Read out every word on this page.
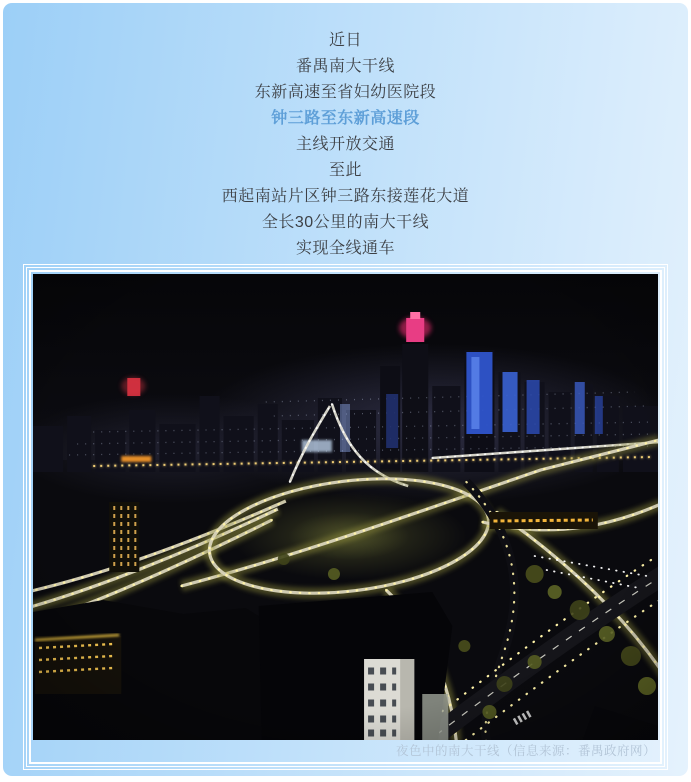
近日

番禺南大干线

东新高速至省妇幼医院段

钟三路至东新高速段

主线开放交通

至此

西起南站片区钟三路东接莲花大道

全长30公里的南大干线

实现全线通车

夜色中的南大干线（信息来源：番禺政府网）
